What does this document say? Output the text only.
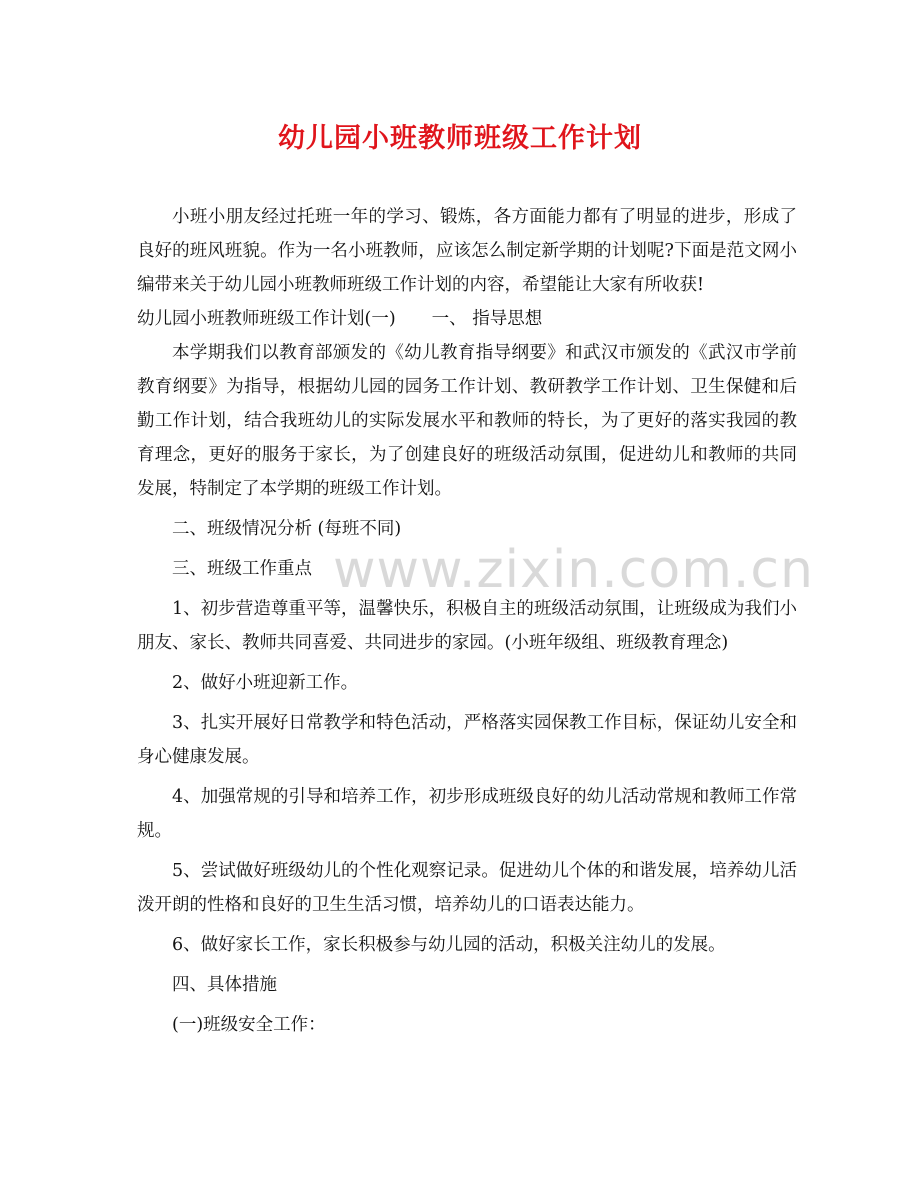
幼儿园小班教师班级工作计划

小班小朋友经过托班一年的学习、锻炼，各方面能力都有了明显的进步，形成了良好的班风班貌。作为一名小班教师，应该怎么制定新学期的计划呢?下面是范文网小编带来关于幼儿园小班教师班级工作计划的内容，希望能让大家有所收获!

幼儿园小班教师班级工作计划(一) 一、 指导思想

本学期我们以教育部颁发的《幼儿教育指导纲要》和武汉市颁发的《武汉市学前教育纲要》为指导，根据幼儿园的园务工作计划、教研教学工作计划、卫生保健和后勤工作计划，结合我班幼儿的实际发展水平和教师的特长，为了更好的落实我园的教育理念，更好的服务于家长，为了创建良好的班级活动氛围，促进幼儿和教师的共同发展，特制定了本学期的班级工作计划。

二、班级情况分析 (每班不同)

三、班级工作重点

1、初步营造尊重平等，温馨快乐，积极自主的班级活动氛围，让班级成为我们小朋友、家长、教师共同喜爱、共同进步的家园。(小班年级组、班级教育理念)

2、做好小班迎新工作。

3、扎实开展好日常教学和特色活动，严格落实园保教工作目标，保证幼儿安全和身心健康发展。

4、加强常规的引导和培养工作，初步形成班级良好的幼儿活动常规和教师工作常规。

5、尝试做好班级幼儿的个性化观察记录。促进幼儿个体的和谐发展，培养幼儿活泼开朗的性格和良好的卫生生活习惯，培养幼儿的口语表达能力。

6、做好家长工作，家长积极参与幼儿园的活动，积极关注幼儿的发展。

四、具体措施

(一)班级安全工作：

www.zixin.com.cn
